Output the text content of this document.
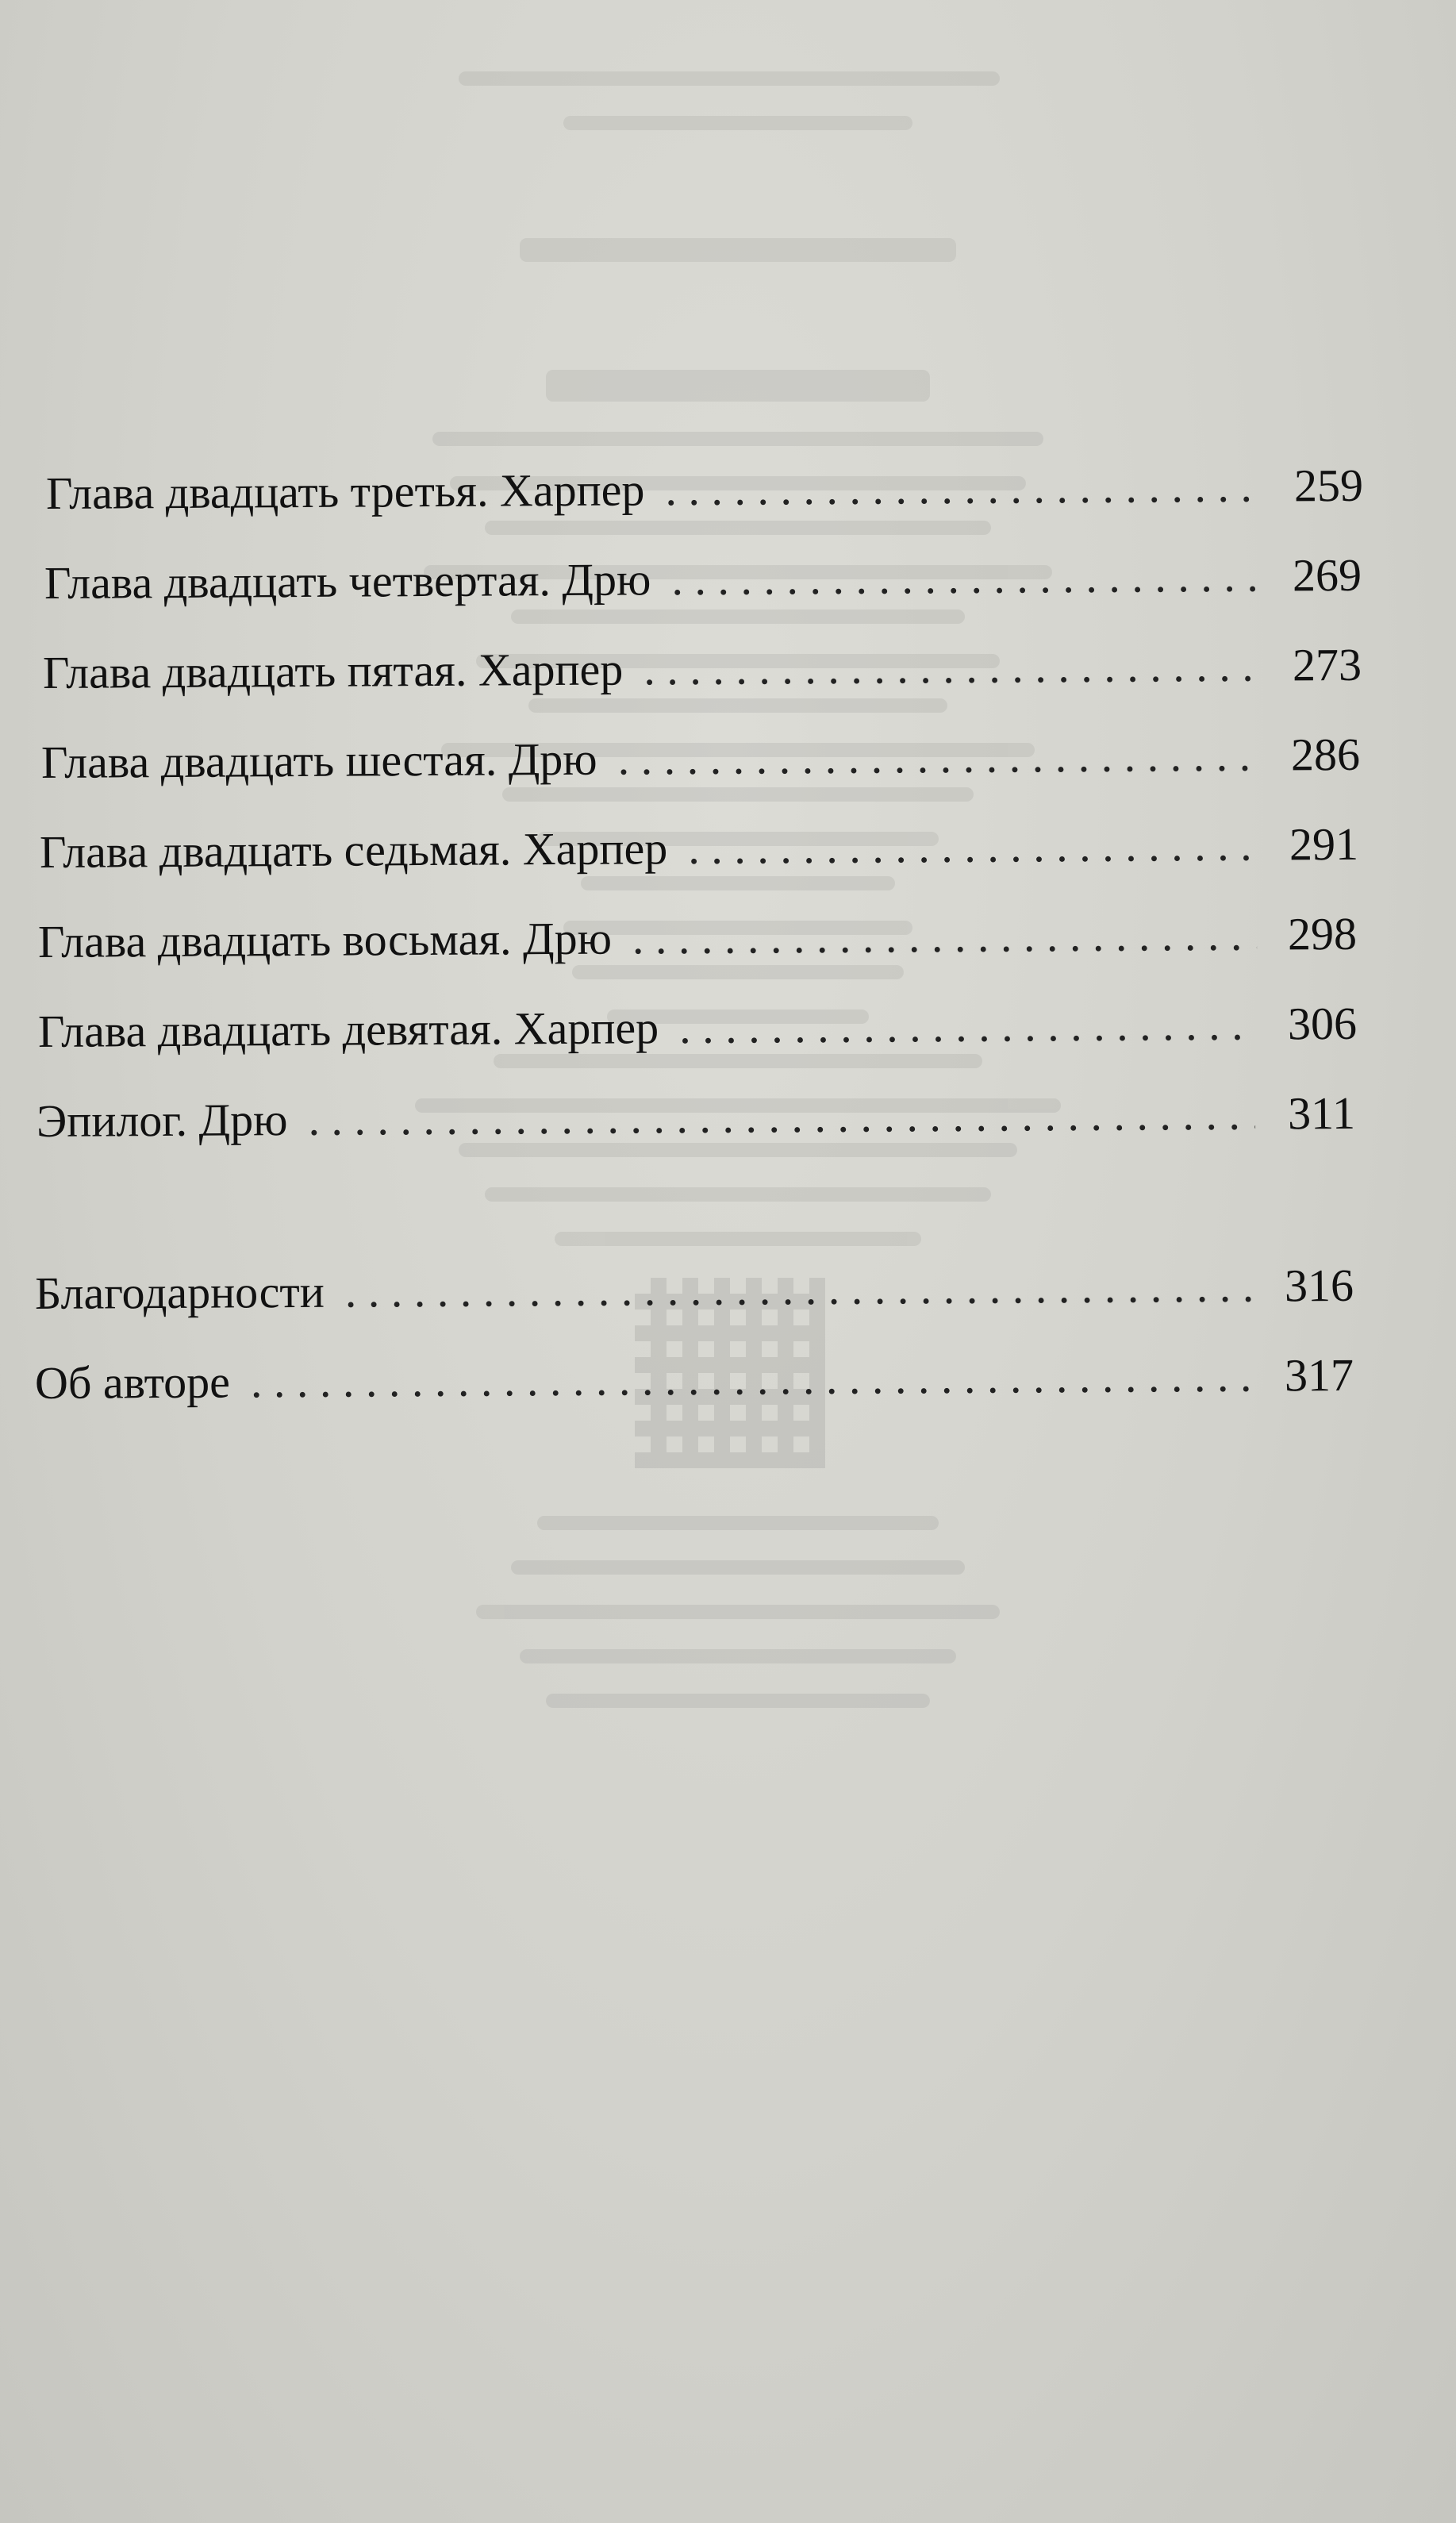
Глава двадцать третья. Харпер . . .	259
Глава двадцать четвертая. Дрю . . .	269
Глава двадцать пятая. Харпер . . .	273
Глава двадцать шестая. Дрю . . .	286
Глава двадцать седьмая. Харпер . . .	291
Глава двадцать восьмая. Дрю . . .	298
Глава двадцать девятая. Харпер . . .	306
Эпилог. Дрю . . .	311
Благодарности . . .	316
Об авторе . . .	317
